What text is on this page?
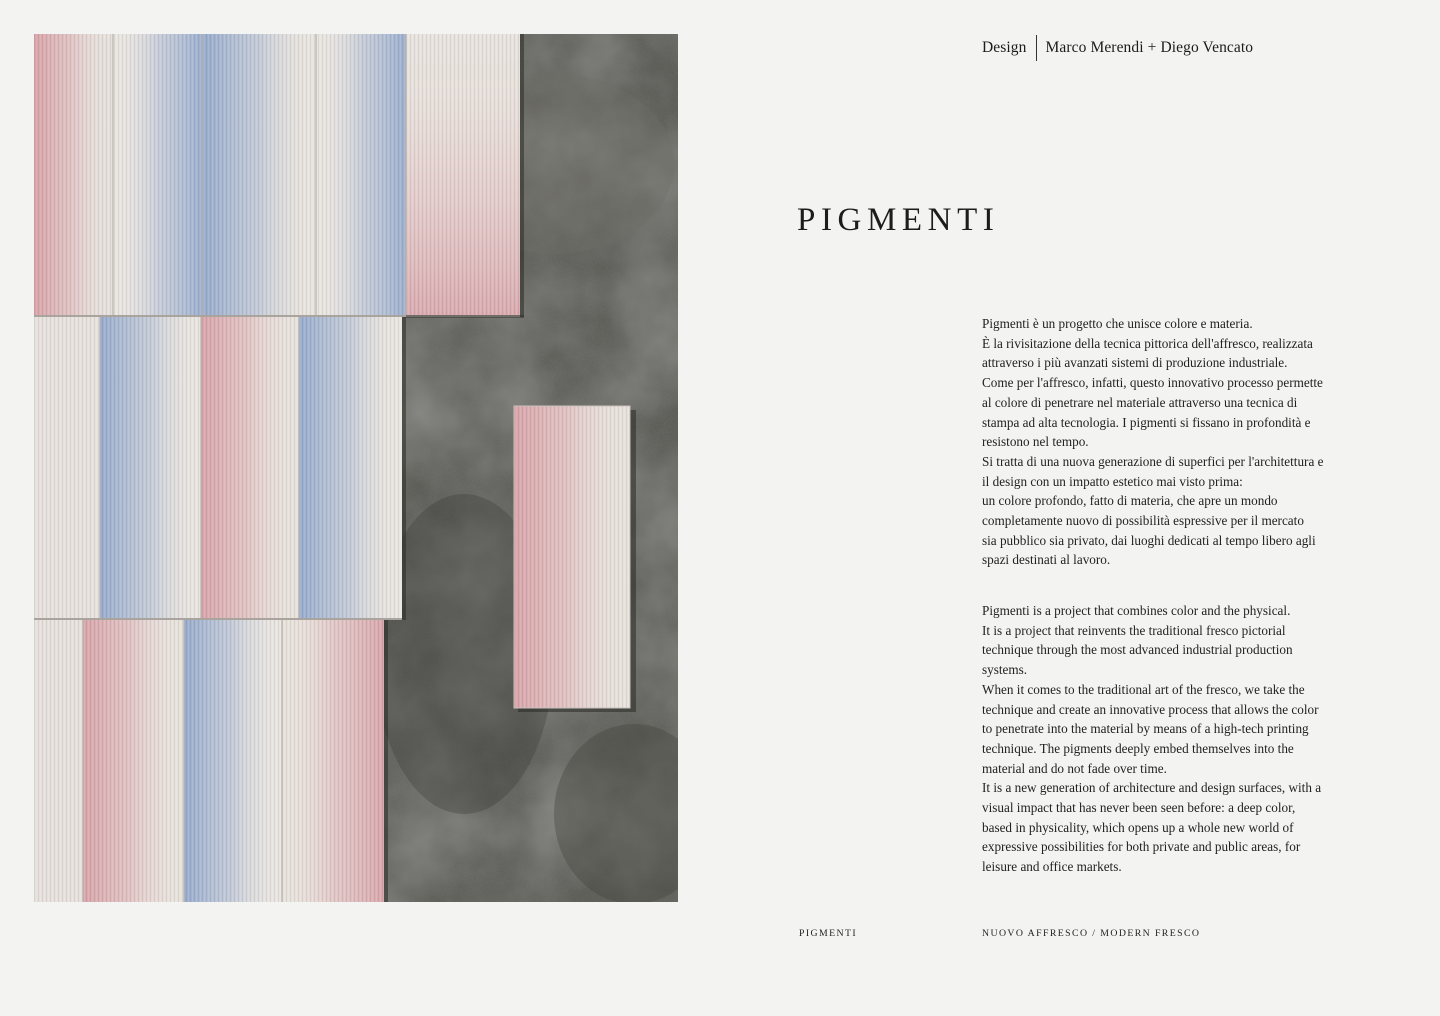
Design Marco Merendi + Diego Vencato
PIGMENTI
Pigmenti è un progetto che unisce colore e materia.
È la rivisitazione della tecnica pittorica dell'affresco, realizzata
attraverso i più avanzati sistemi di produzione industriale.
Come per l'affresco, infatti, questo innovativo processo permette
al colore di penetrare nel materiale attraverso una tecnica di
stampa ad alta tecnologia. I pigmenti si fissano in profondità e
resistono nel tempo.
Si tratta di una nuova generazione di superfici per l'architettura e
il design con un impatto estetico mai visto prima:
un colore profondo, fatto di materia, che apre un mondo
completamente nuovo di possibilità espressive per il mercato
sia pubblico sia privato, dai luoghi dedicati al tempo libero agli
spazi destinati al lavoro.
Pigmenti is a project that combines color and the physical.
It is a project that reinvents the traditional fresco pictorial
technique through the most advanced industrial production
systems.
When it comes to the traditional art of the fresco, we take the
technique and create an innovative process that allows the color
to penetrate into the material by means of a high-tech printing
technique. The pigments deeply embed themselves into the
material and do not fade over time.
It is a new generation of architecture and design surfaces, with a
visual impact that has never been seen before: a deep color,
based in physicality, which opens up a whole new world of
expressive possibilities for both private and public areas, for
leisure and office markets.
PIGMENTI	NUOVO AFFRESCO / MODERN FRESCO
